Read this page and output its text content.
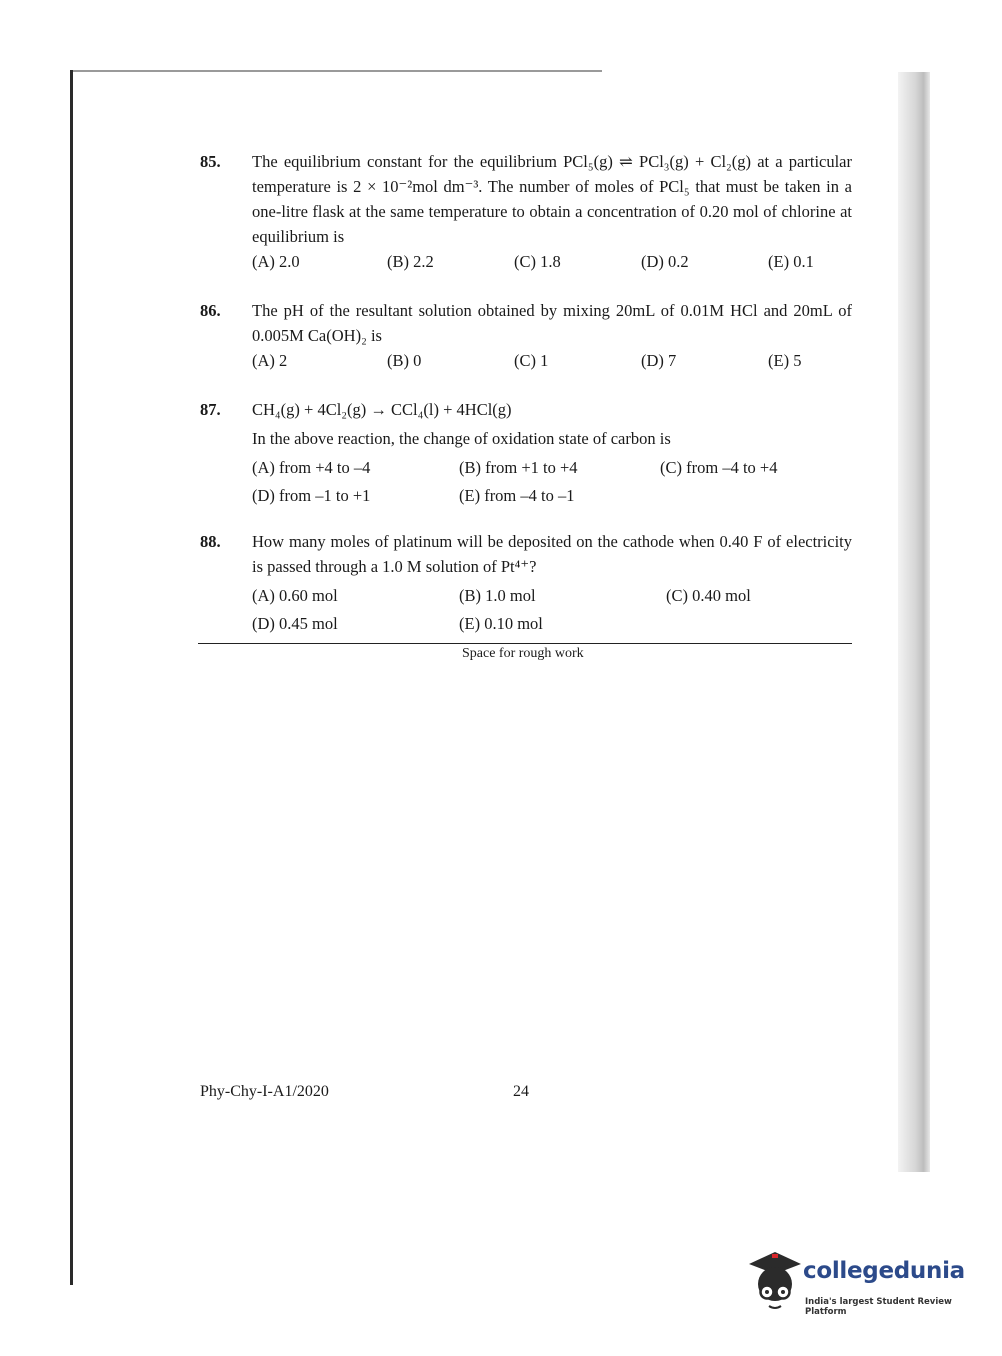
85. The equilibrium constant for the equilibrium PCl₅(g) ⇌ PCl₃(g) + Cl₂(g) at a particular temperature is 2 × 10⁻²mol dm⁻³. The number of moles of PCl₅ that must be taken in a one-litre flask at the same temperature to obtain a concentration of 0.20 mol of chlorine at equilibrium is
(A) 2.0	(B) 2.2	(C) 1.8	(D) 0.2	(E) 0.1
86. The pH of the resultant solution obtained by mixing 20mL of 0.01M HCl and 20mL of 0.005M Ca(OH)₂ is
(A) 2	(B) 0	(C) 1	(D) 7	(E) 5
87. CH₄(g) + 4Cl₂(g) → CCl₄(l) + 4HCl(g)
In the above reaction, the change of oxidation state of carbon is
(A) from +4 to –4	(B) from +1 to +4	(C) from –4 to +4
(D) from –1 to +1	(E) from –4 to –1
88. How many moles of platinum will be deposited on the cathode when 0.40 F of electricity is passed through a 1.0 M solution of Pt⁴⁺?
(A) 0.60 mol	(B) 1.0 mol	(C) 0.40 mol
(D) 0.45 mol	(E) 0.10 mol
Space for rough work
Phy-Chy-I-A1/2020	24
collegedunia
India's largest Student Review Platform
